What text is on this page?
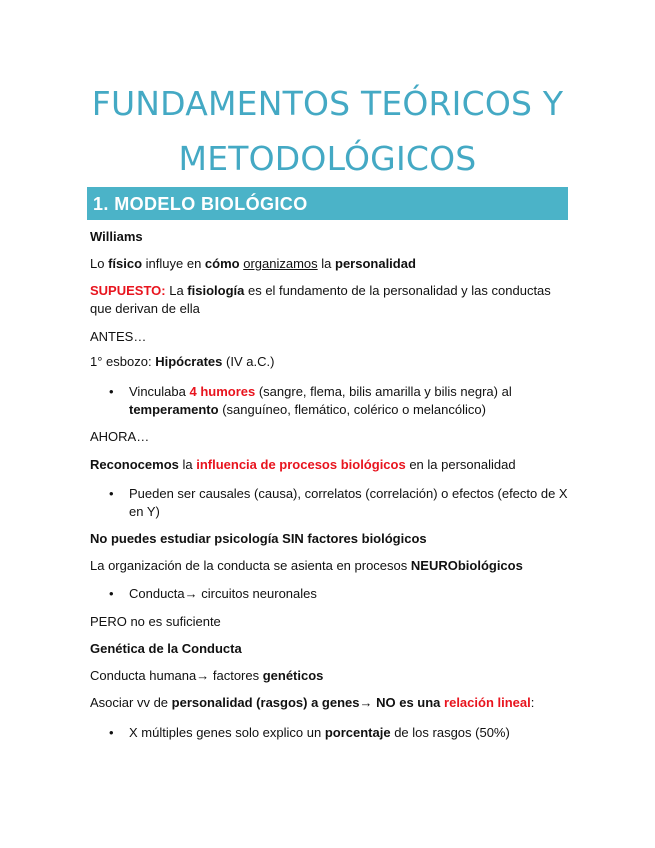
FUNDAMENTOS TEÓRICOS Y
METODOLÓGICOS
1. MODELO BIOLÓGICO
Williams
Lo físico influye en cómo organizamos la personalidad
SUPUESTO: La fisiología es el fundamento de la personalidad y las conductas que derivan de ella
ANTES…
1° esbozo: Hipócrates (IV a.C.)
• Vinculaba 4 humores (sangre, flema, bilis amarilla y bilis negra) al temperamento (sanguíneo, flemático, colérico o melancólico)
AHORA…
Reconocemos la influencia de procesos biológicos en la personalidad
• Pueden ser causales (causa), correlatos (correlación) o efectos (efecto de X en Y)
No puedes estudiar psicología SIN factores biológicos
La organización de la conducta se asienta en procesos NEURObiológicos
• Conducta→ circuitos neuronales
PERO no es suficiente
Genética de la Conducta
Conducta humana→ factores genéticos
Asociar vv de personalidad (rasgos) a genes→ NO es una relación lineal:
• X múltiples genes solo explico un porcentaje de los rasgos (50%)
